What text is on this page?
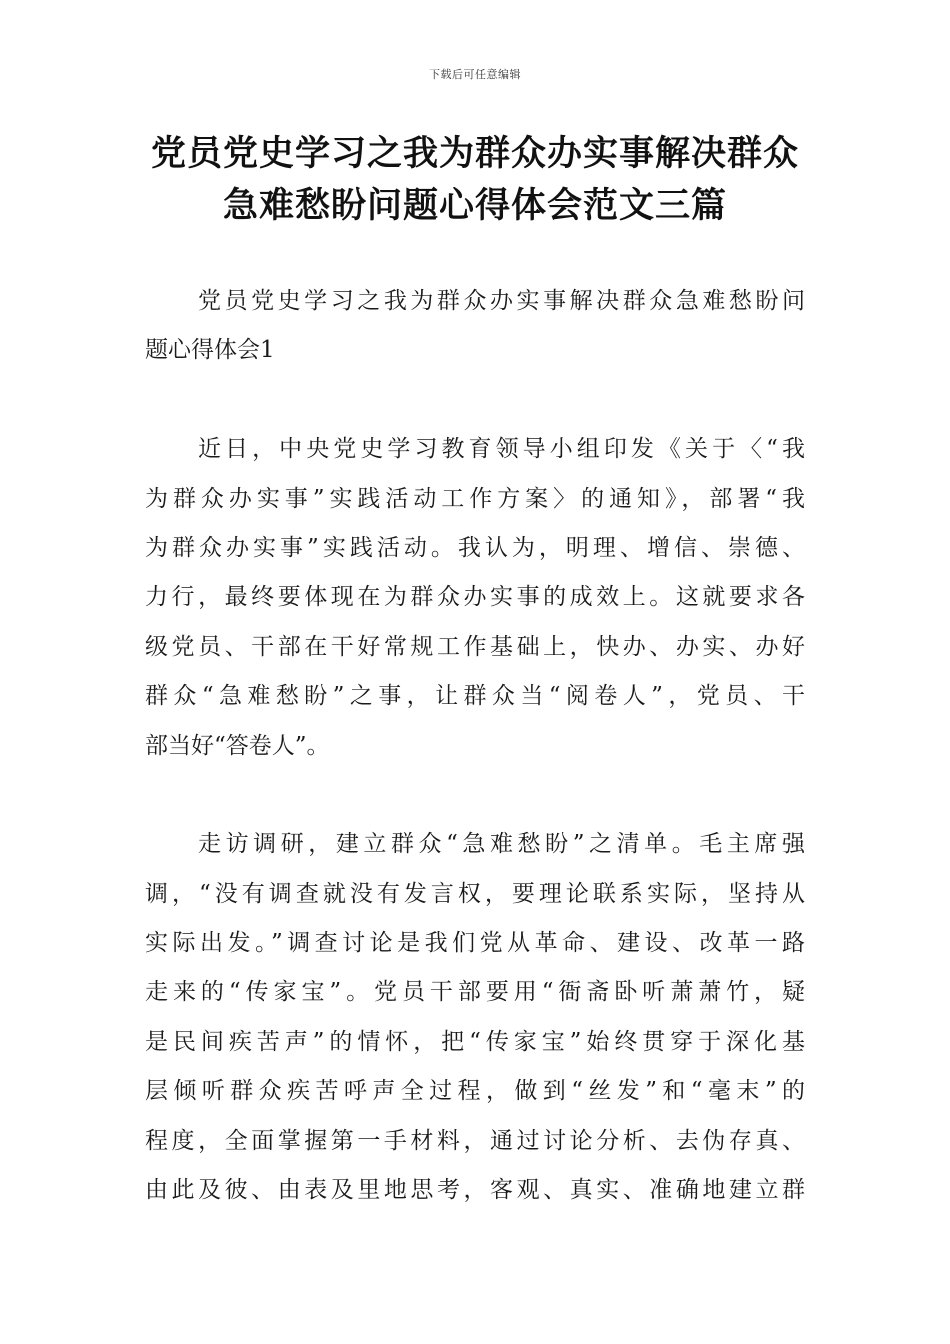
下载后可任意编辑
党员党史学习之我为群众办实事解决群众
急难愁盼问题心得体会范文三篇
党员党史学习之我为群众办实事解决群众急难愁盼问
题心得体会1
近日，中央党史学习教育领导小组印发《关于〈“我
为群众办实事”实践活动工作方案〉的通知》，部署“我
为群众办实事”实践活动。我认为，明理、增信、崇德、
力行，最终要体现在为群众办实事的成效上。这就要求各
级党员、干部在干好常规工作基础上，快办、办实、办好
群众“急难愁盼”之事，让群众当“阅卷人”，党员、干
部当好“答卷人”。
走访调研，建立群众“急难愁盼”之清单。毛主席强
调，“没有调查就没有发言权，要理论联系实际，坚持从
实际出发。”调查讨论是我们党从革命、建设、改革一路
走来的“传家宝”。党员干部要用“衙斋卧听萧萧竹，疑
是民间疾苦声”的情怀，把“传家宝”始终贯穿于深化基
层倾听群众疾苦呼声全过程，做到“丝发”和“毫末”的
程度，全面掌握第一手材料，通过讨论分析、去伪存真、
由此及彼、由表及里地思考，客观、真实、准确地建立群
